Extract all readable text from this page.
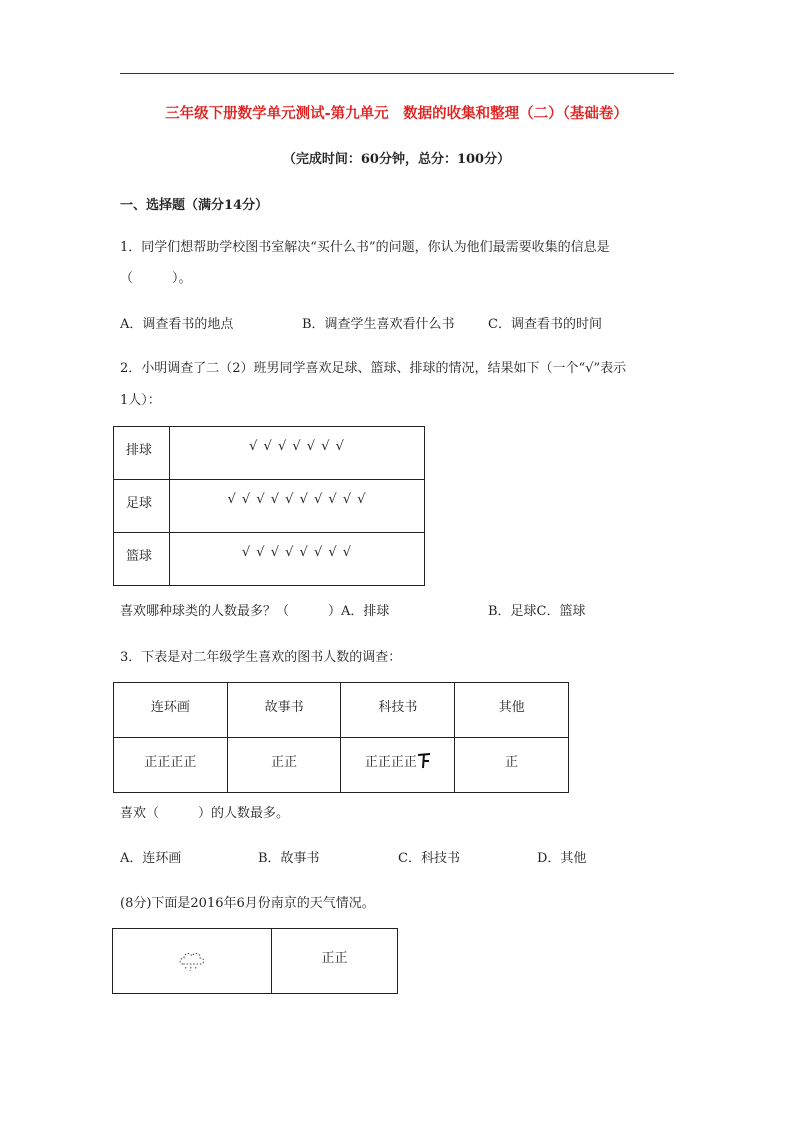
三年级下册数学单元测试-第九单元　数据的收集和整理（二）（基础卷）
（完成时间：60分钟，总分：100分）
一、选择题（满分14分）
1．同学们想帮助学校图书室解决“买什么书”的问题，你认为他们最需要收集的信息是
（　　　）。
A．调查看书的地点	B．调查学生喜欢看什么书	C．调查看书的时间
2．小明调查了二（2）班男同学喜欢足球、篮球、排球的情况，结果如下（一个“√”表示
1人）：
排球	√ √ √ √ √ √ √
足球	√ √ √ √ √ √ √ √ √ √
篮球	√ √ √ √ √ √ √ √
喜欢哪种球类的人数最多？（　　　）A．排球	B．足球C．篮球
3．下表是对二年级学生喜欢的图书人数的调查：
连环画	故事书	科技书	其他
正正正正	正正	正正正正	正
喜欢（　　　）的人数最多。
A．连环画	B．故事书	C．科技书	D．其他
(8分)下面是2016年6月份南京的天气情况。
	正正
